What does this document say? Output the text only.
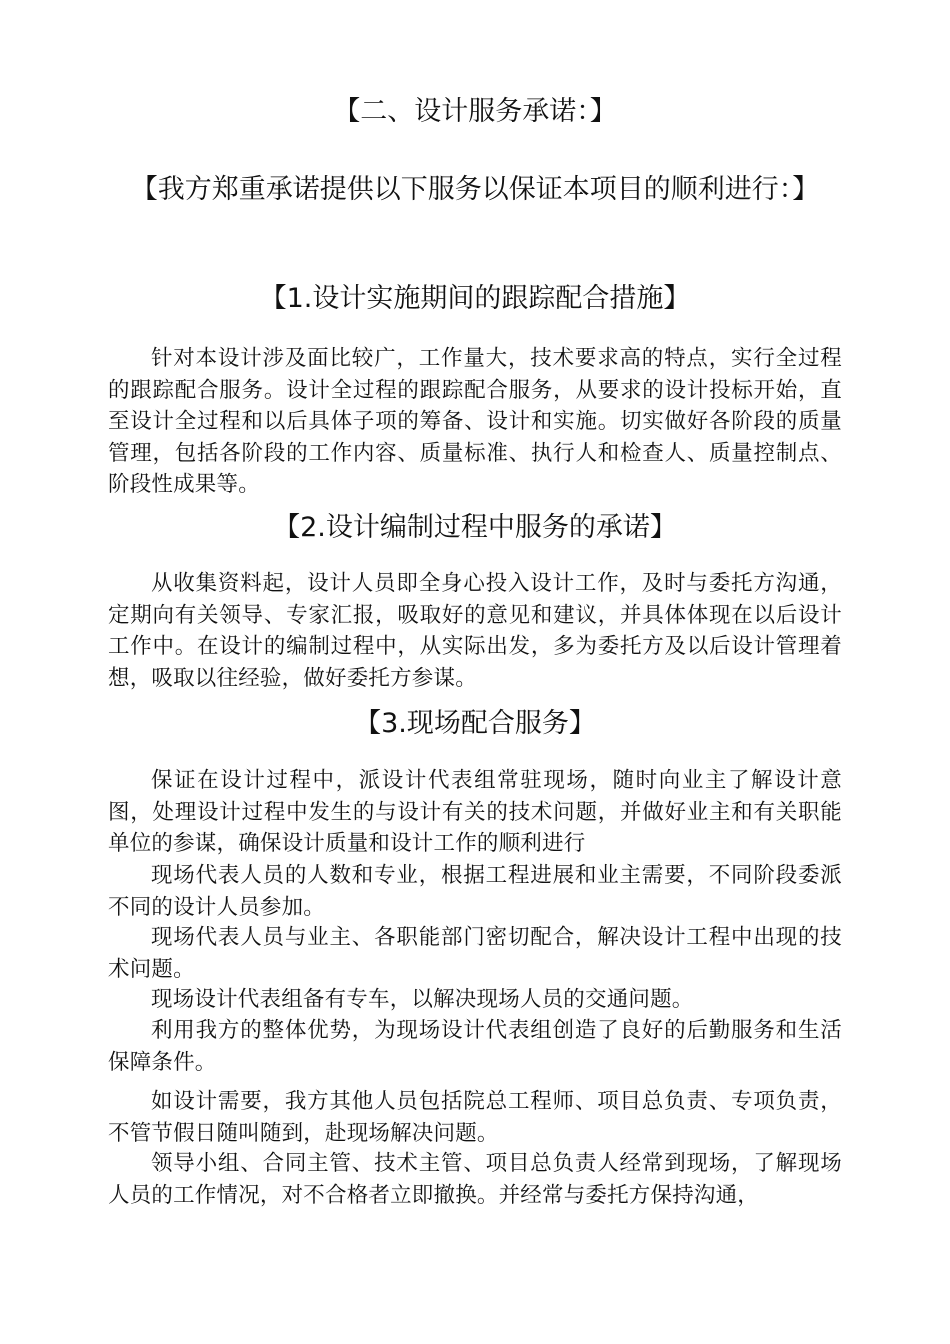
【二、设计服务承诺：】
【我方郑重承诺提供以下服务以保证本项目的顺利进行：】
【1.设计实施期间的跟踪配合措施】
针对本设计涉及面比较广，工作量大，技术要求高的特点，实行全过程的跟踪配合服务。设计全过程的跟踪配合服务，从要求的设计投标开始，直至设计全过程和以后具体子项的筹备、设计和实施。切实做好各阶段的质量管理，包括各阶段的工作内容、质量标准、执行人和检查人、质量控制点、阶段性成果等。
【2.设计编制过程中服务的承诺】
从收集资料起，设计人员即全身心投入设计工作，及时与委托方沟通，定期向有关领导、专家汇报，吸取好的意见和建议，并具体体现在以后设计工作中。在设计的编制过程中，从实际出发，多为委托方及以后设计管理着想，吸取以往经验，做好委托方参谋。
【3.现场配合服务】
保证在设计过程中，派设计代表组常驻现场，随时向业主了解设计意图，处理设计过程中发生的与设计有关的技术问题，并做好业主和有关职能单位的参谋，确保设计质量和设计工作的顺利进行
现场代表人员的人数和专业，根据工程进展和业主需要，不同阶段委派不同的设计人员参加。
现场代表人员与业主、各职能部门密切配合，解决设计工程中出现的技术问题。
现场设计代表组备有专车，以解决现场人员的交通问题。
利用我方的整体优势，为现场设计代表组创造了良好的后勤服务和生活保障条件。
如设计需要，我方其他人员包括院总工程师、项目总负责、专项负责，不管节假日随叫随到，赴现场解决问题。
领导小组、合同主管、技术主管、项目总负责人经常到现场，了解现场人员的工作情况，对不合格者立即撤换。并经常与委托方保持沟通，
